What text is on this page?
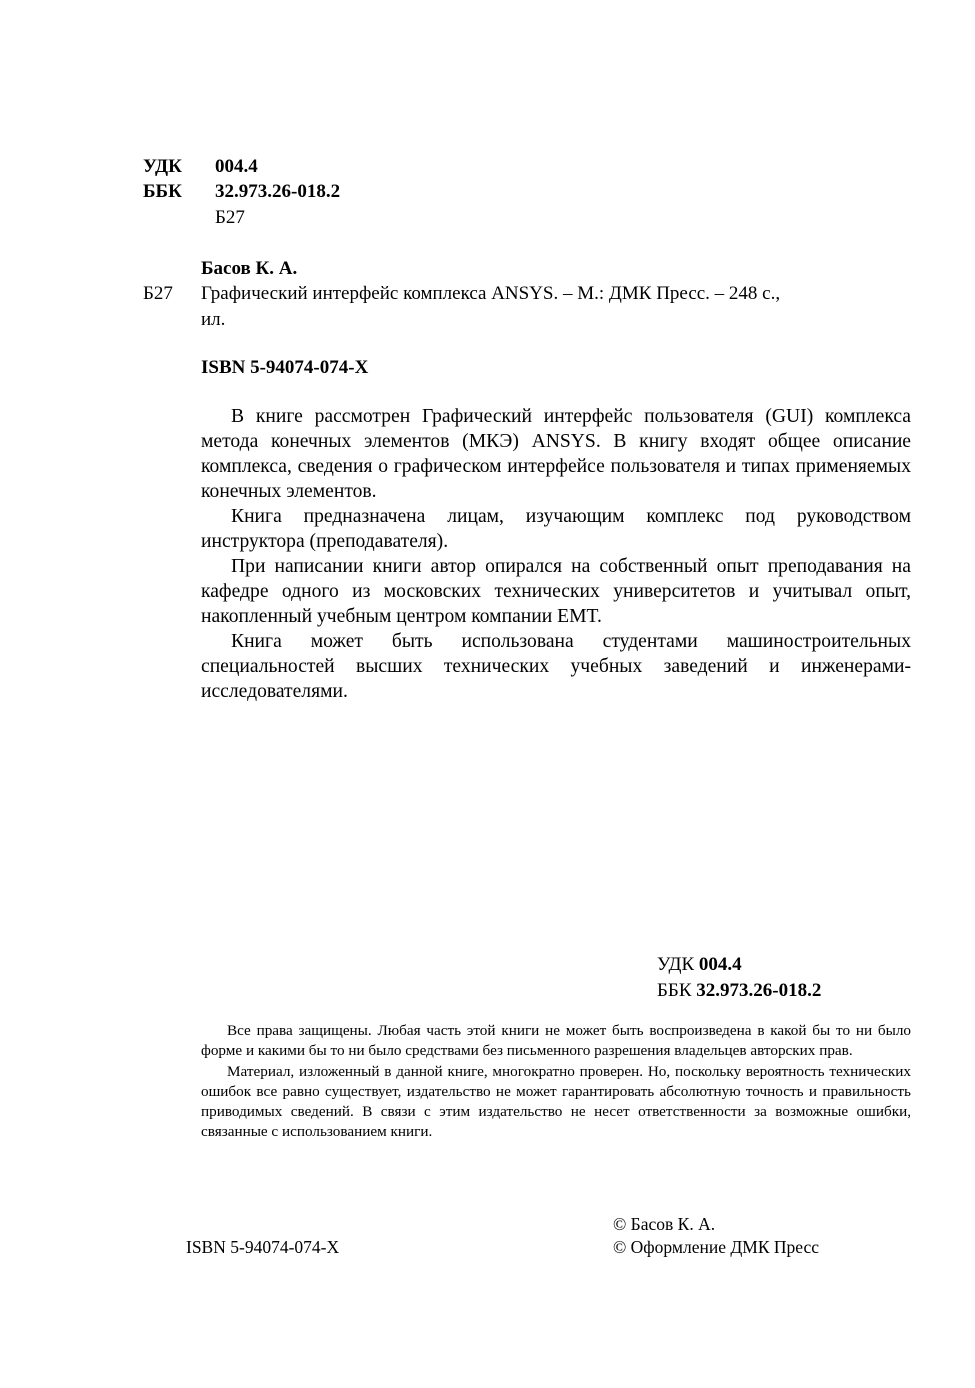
УДК 004.4
ББК 32.973.26-018.2
Б27
Басов К. А.
Б27 Графический интерфейс комплекса ANSYS. – М.: ДМК Пресс. – 248 с.,
ил.
ISBN 5-94074-074-X

В книге рассмотрен Графический интерфейс пользователя (GUI) комплекса метода конечных элементов (МКЭ) ANSYS. В книгу входят общее описание комплекса, сведения о графическом интерфейсе пользователя и типах применяемых конечных элементов.

Книга предназначена лицам, изучающим комплекс под руководством инструктора (преподавателя).

При написании книги автор опирался на собственный опыт преподавания на кафедре одного из московских технических университетов и учитывал опыт, накопленный учебным центром компании EMT.

Книга может быть использована студентами машиностроительных специальностей высших технических учебных заведений и инженерами-исследователями.

УДК 004.4
ББК 32.973.26-018.2

Все права защищены. Любая часть этой книги не может быть воспроизведена в какой бы то ни было форме и какими бы то ни было средствами без письменного разрешения владельцев авторских прав.

Материал, изложенный в данной книге, многократно проверен. Но, поскольку вероятность технических ошибок все равно существует, издательство не может гарантировать абсолютную точность и правильность приводимых сведений. В связи с этим издательство не несет ответственности за возможные ошибки, связанные с использованием книги.

ISBN 5-94074-074-X
© Басов К. А.
© Оформление ДМК Пресс
